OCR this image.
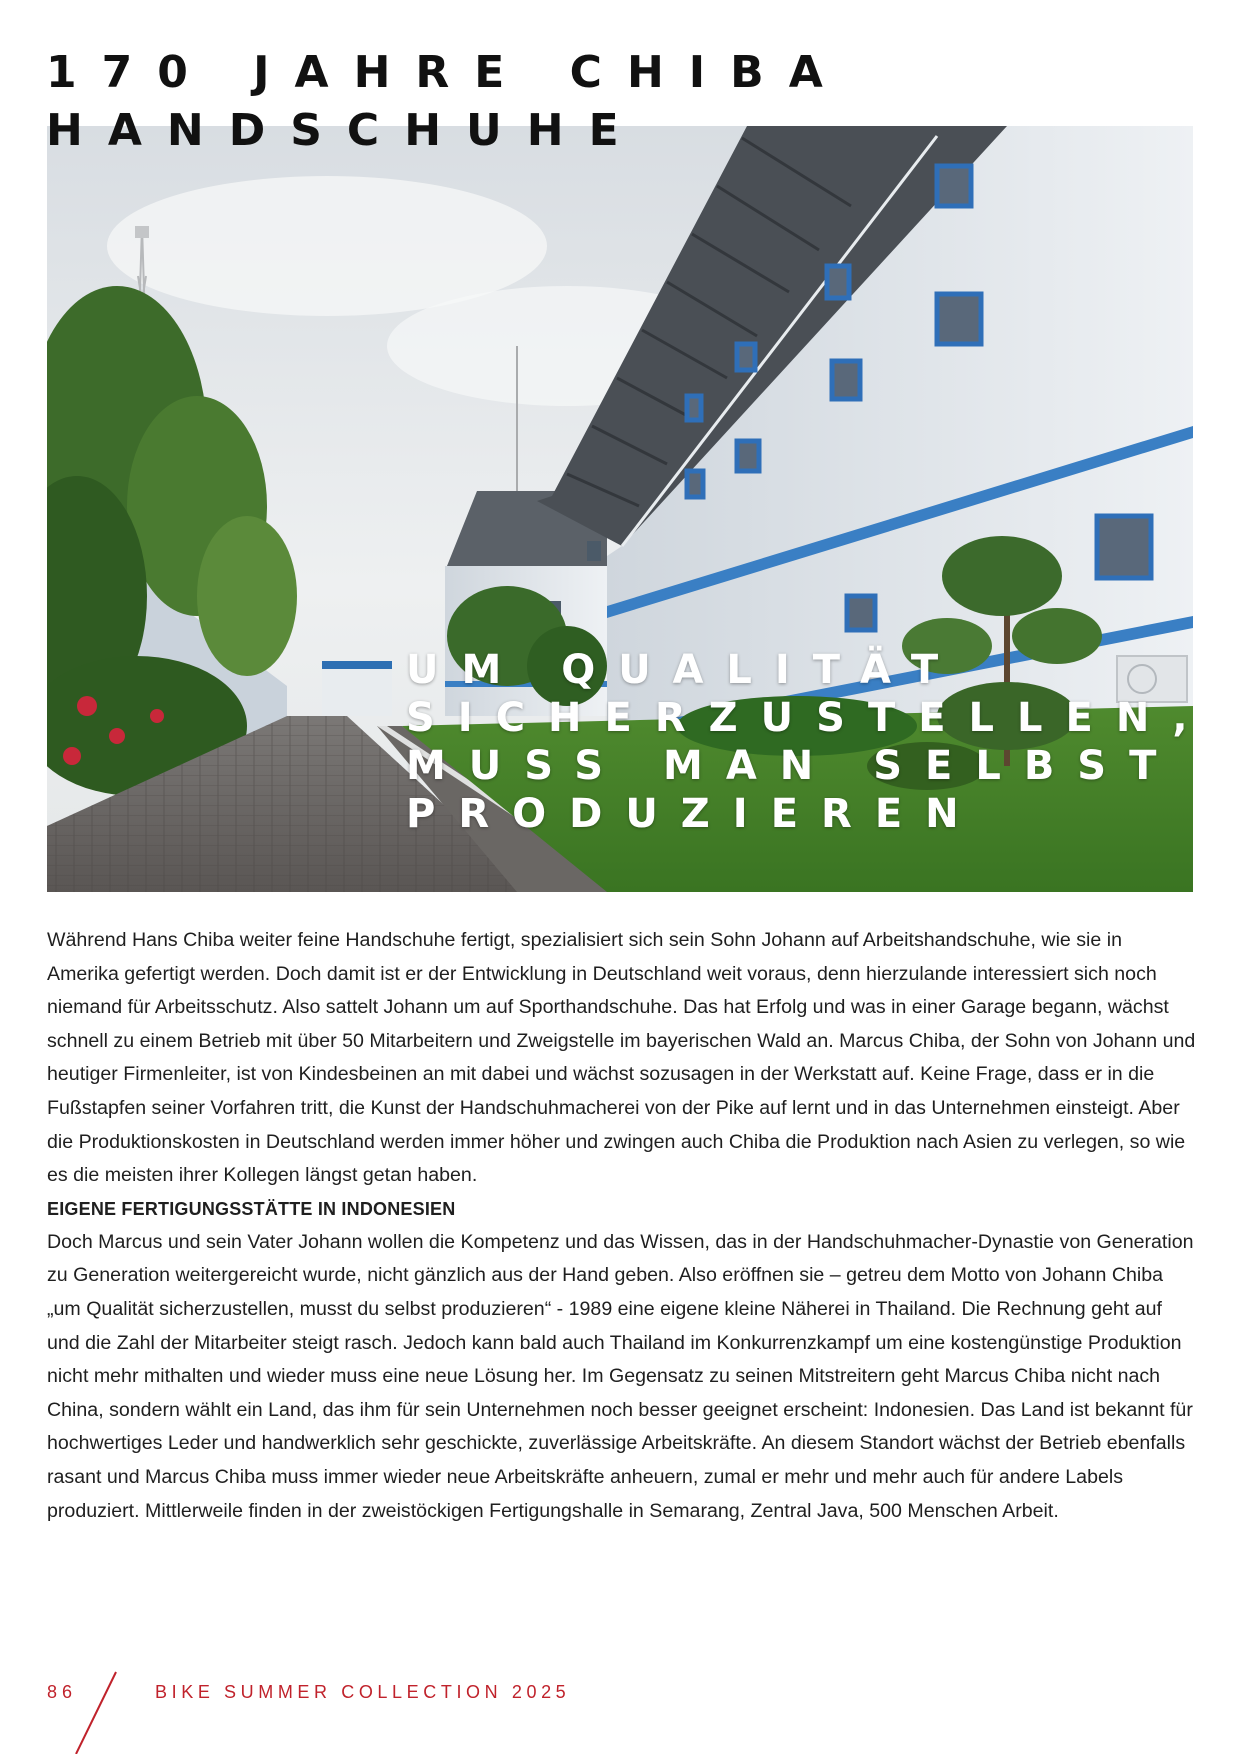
170 JAHRE CHIBA
HANDSCHUHE
UM QUALITÄT
SICHERZUSTELLEN,
MUSS MAN SELBST
PRODUZIEREN

Während Hans Chiba weiter feine Handschuhe fertigt, spezialisiert sich sein Sohn Johann auf Arbeitshandschuhe, wie sie in Amerika gefertigt werden. Doch damit ist er der Entwicklung in Deutschland weit voraus, denn hierzulande interessiert sich noch niemand für Arbeitsschutz. Also sattelt Johann um auf Sporthandschuhe. Das hat Erfolg und was in einer Garage begann, wächst schnell zu einem Betrieb mit über 50 Mitarbeitern und Zweigstelle im bayerischen Wald an. Marcus Chiba, der Sohn von Johann und heutiger Firmenleiter, ist von Kindesbeinen an mit dabei und wächst sozusagen in der Werkstatt auf. Keine Frage, dass er in die Fußstapfen seiner Vorfahren tritt, die Kunst der Handschuhmacherei von der Pike auf lernt und in das Unternehmen einsteigt. Aber die Produktionskosten in Deutschland werden immer höher und zwingen auch Chiba die Produktion nach Asien zu verlegen, so wie es die meisten ihrer Kollegen längst getan haben.

EIGENE FERTIGUNGSSTÄTTE IN INDONESIEN

Doch Marcus und sein Vater Johann wollen die Kompetenz und das Wissen, das in der Handschuhmacher-Dynastie von Generation zu Generation weitergereicht wurde, nicht gänzlich aus der Hand geben. Also eröffnen sie – getreu dem Motto von Johann Chiba „um Qualität sicherzustellen, musst du selbst produzieren“ - 1989 eine eigene kleine Näherei in Thailand. Die Rechnung geht auf und die Zahl der Mitarbeiter steigt rasch. Jedoch kann bald auch Thailand im Konkurrenzkampf um eine kostengünstige Produktion nicht mehr mithalten und wieder muss eine neue Lösung her. Im Gegensatz zu seinen Mitstreitern geht Marcus Chiba nicht nach China, sondern wählt ein Land, das ihm für sein Unternehmen noch besser geeignet erscheint: Indonesien. Das Land ist bekannt für hochwertiges Leder und handwerklich sehr geschickte, zuverlässige Arbeitskräfte. An diesem Standort wächst der Betrieb ebenfalls rasant und Marcus Chiba muss immer wieder neue Arbeitskräfte anheuern, zumal er mehr und mehr auch für andere Labels produziert. Mittlerweile finden in der zweistöckigen Fertigungshalle in Semarang, Zentral Java, 500 Menschen Arbeit.

86	BIKE SUMMER COLLECTION 2025
